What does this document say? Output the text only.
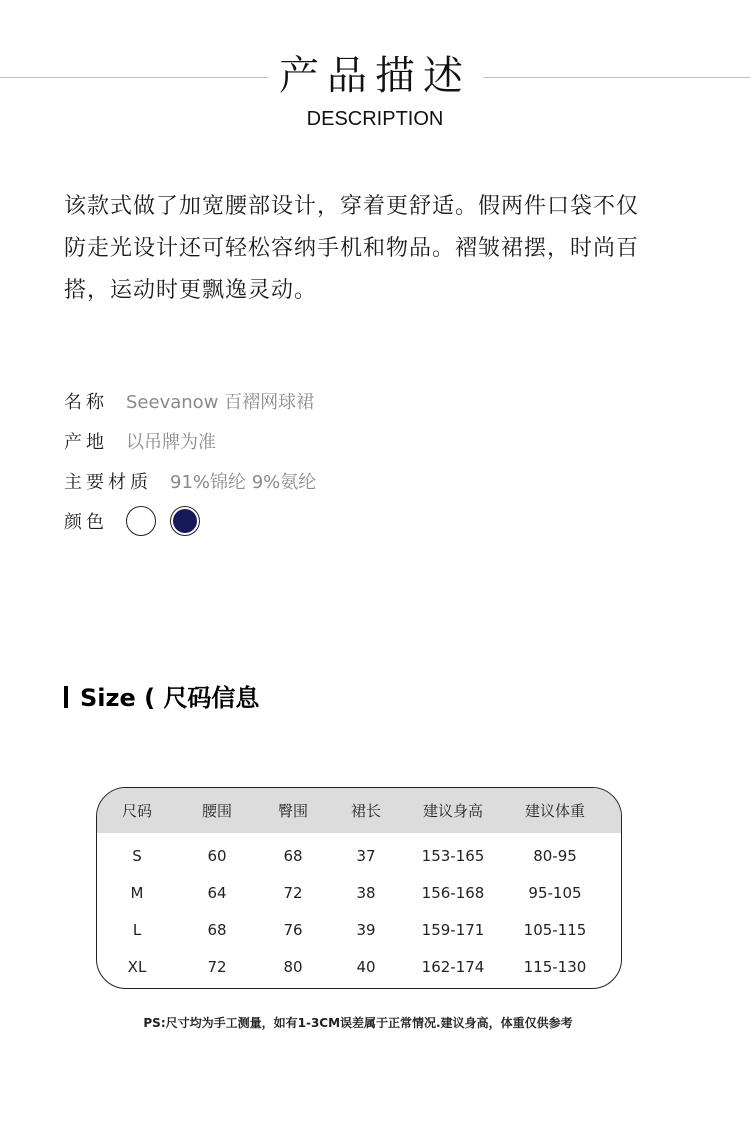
产品描述
DESCRIPTION

该款式做了加宽腰部设计，穿着更舒适。假两件口袋不仅

防走光设计还可轻松容纳手机和物品。褶皱裙摆，时尚百

搭，运动时更飘逸灵动。

名称 Seevanow 百褶网球裙
产地 以吊牌为准
主要材质 91%锦纶 9%氨纶
颜色
Size ( 尺码信息
尺码	腰围	臀围	裙长	建议身高	建议体重
S	60	68	37	153-165	80-95
M	64	72	38	156-168	95-105
L	68	76	39	159-171	105-115
XL	72	80	40	162-174	115-130
PS:尺寸均为手工测量，如有1-3CM误差属于正常情况.建议身高，体重仅供参考
